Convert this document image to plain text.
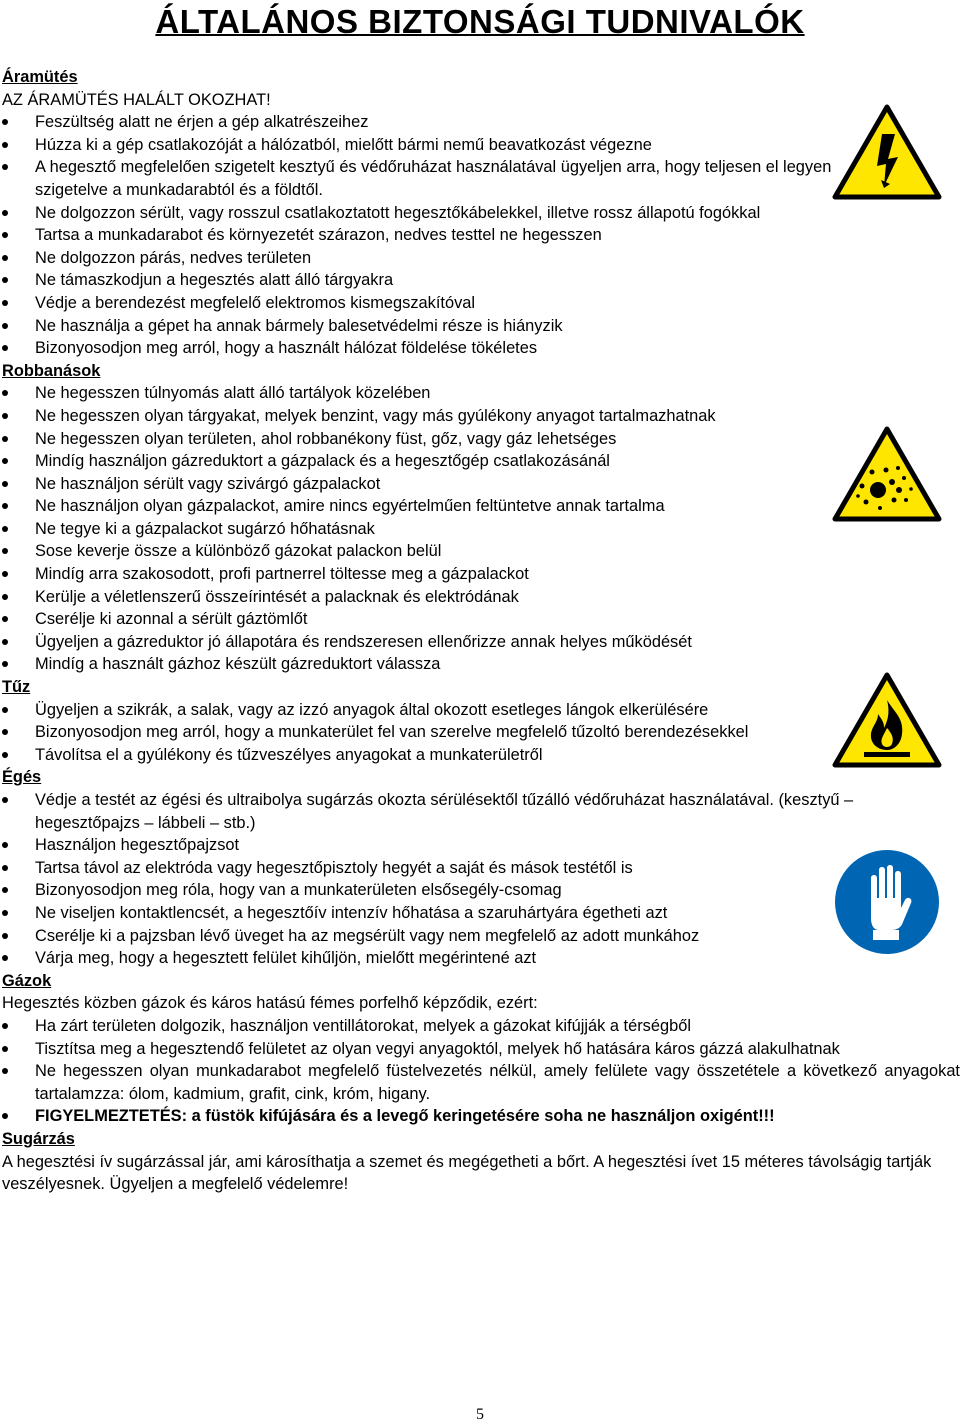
ÁLTALÁNOS BIZTONSÁGI TUDNIVALÓK

Áramütés

AZ ÁRAMÜTÉS HALÁLT OKOZHAT!

Feszültség alatt ne érjen a gép alkatrészeihez
Húzza ki a gép csatlakozóját a hálózatból, mielőtt bármi nemű beavatkozást végezne
A hegesztő megfelelően szigetelt kesztyű és védőruházat használatával ügyeljen arra, hogy teljesen el legyen szigetelve a munkadarabtól és a földtől.
Ne dolgozzon sérült, vagy rosszul csatlakoztatott hegesztőkábelekkel, illetve rossz állapotú fogókkal
Tartsa a munkadarabot és környezetét szárazon, nedves testtel ne hegesszen
Ne dolgozzon párás, nedves területen
Ne támaszkodjun a hegesztés alatt álló tárgyakra
Védje a berendezést megfelelő elektromos kismegszakítóval
Ne használja a gépet ha annak bármely balesetvédelmi része is hiányzik
Bizonyosodjon meg arról, hogy a használt hálózat földelése tökéletes

Robbanások

Ne hegesszen túlnyomás alatt álló tartályok közelében
Ne hegesszen olyan tárgyakat, melyek benzint, vagy más gyúlékony anyagot tartalmazhatnak
Ne hegesszen olyan területen, ahol robbanékony füst, gőz, vagy gáz lehetséges
Mindíg használjon gázreduktort a gázpalack és a hegesztőgép csatlakozásánál
Ne használjon sérült vagy szivárgó gázpalackot
Ne használjon olyan gázpalackot, amire nincs egyértelműen feltüntetve annak tartalma
Ne tegye ki a gázpalackot sugárzó hőhatásnak
Sose keverje össze a különböző gázokat palackon belül
Mindíg arra szakosodott, profi partnerrel töltesse meg a gázpalackot
Kerülje a véletlenszerű összeírintését a palacknak és elektródának
Cserélje ki azonnal a sérült gáztömlőt
Ügyeljen a gázreduktor jó állapotára és rendszeresen ellenőrizze annak helyes működését
Mindíg a használt gázhoz készült gázreduktort válassza

Tűz

Ügyeljen a szikrák, a salak, vagy az izzó anyagok által okozott esetleges lángok elkerülésére
Bizonyosodjon meg arról, hogy a munkaterület fel van szerelve megfelelő tűzoltó berendezésekkel
Távolítsa el a gyúlékony és tűzveszélyes anyagokat a munkaterületről

Égés

Védje a testét az égési és ultraibolya sugárzás okozta sérülésektől tűzálló védőruházat használatával. (kesztyű – hegesztőpajzs – lábbeli – stb.)
Használjon hegesztőpajzsot
Tartsa távol az elektróda vagy hegesztőpisztoly hegyét a saját és mások testétől is
Bizonyosodjon meg róla, hogy van a munkaterületen elsősegély-csomag
Ne viseljen kontaktlencsét, a hegesztőív intenzív hőhatása a szaruhártyára égetheti azt
Cserélje ki a pajzsban lévő üveget ha az megsérült vagy nem megfelelő az adott munkához
Várja meg, hogy a hegesztett felület kihűljön, mielőtt megérintené azt

Gázok

Hegesztés közben gázok és káros hatású fémes porfelhő képződik, ezért:

Ha zárt területen dolgozik, használjon ventillátorokat, melyek a gázokat kifújják a térségből
Tisztítsa meg a hegesztendő felületet az olyan vegyi anyagoktól, melyek hő hatására káros gázzá alakulhatnak
Ne hegesszen olyan munkadarabot megfelelő füstelvezetés nélkül, amely felülete vagy összetétele a következő anyagokat tartalamzza: ólom, kadmium, grafit, cink, króm, higany.
FIGYELMEZTETÉS: a füstök kifújására és a levegő keringetésére soha ne használjon oxigént!!!

Sugárzás

A hegesztési ív sugárzással jár, ami károsíthatja a szemet és megégetheti a bőrt. A hegesztési ívet 15 méteres távolságig tartják veszélyesnek. Ügyeljen a megfelelő védelemre!

5
